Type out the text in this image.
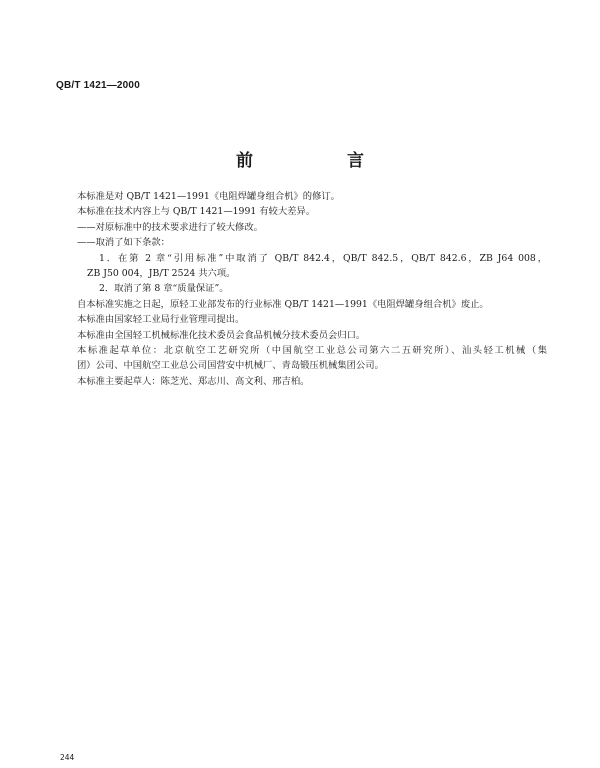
QB/T 1421—2000
前 言

本标准是对 QB/T 1421—1991《电阻焊罐身组合机》的修订。

本标准在技术内容上与 QB/T 1421—1991 有较大差异。

——对原标准中的技术要求进行了较大修改。

——取消了如下条款：

1．在第 2 章“引用标准”中取消了 QB/T 842.4，QB/T 842.5，QB/T 842.6，ZB J64 008，

ZB J50 004，JB/T 2524 共六项。

2．取消了第 8 章“质量保证”。

自本标准实施之日起，原轻工业部发布的行业标准 QB/T 1421—1991《电阻焊罐身组合机》废止。

本标准由国家轻工业局行业管理司提出。

本标准由全国轻工机械标准化技术委员会食品机械分技术委员会归口。

本标准起草单位：北京航空工艺研究所（中国航空工业总公司第六二五研究所）、汕头轻工机械（集

团）公司、中国航空工业总公司国营安中机械厂、青岛锻压机械集团公司。

本标准主要起草人：陈芝光、郑志川、高文利、邢吉柏。

244
